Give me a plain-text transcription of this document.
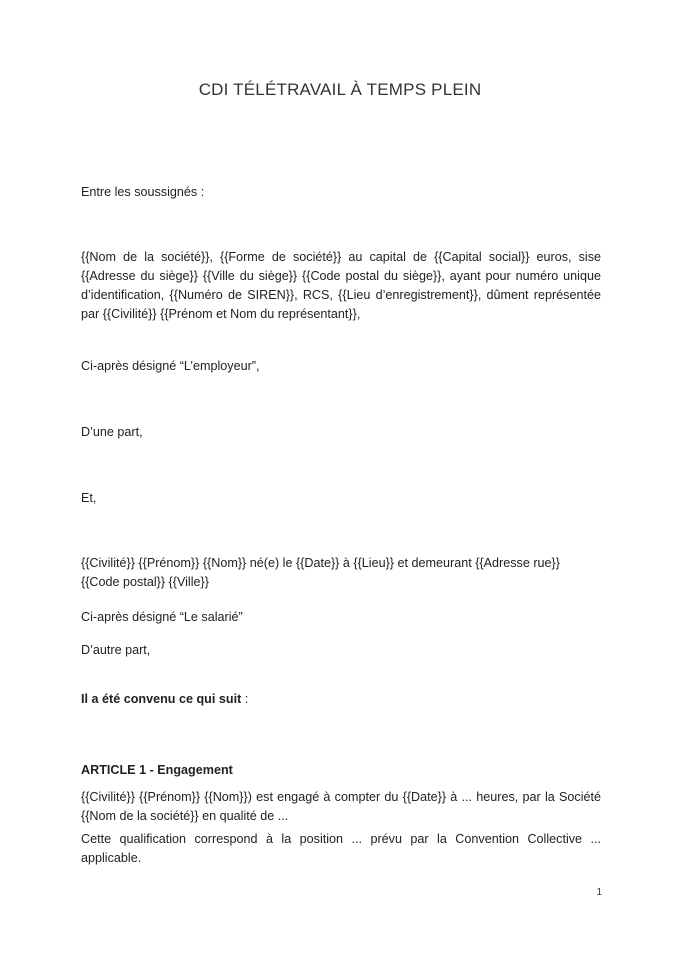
CDI TÉLÉTRAVAIL À TEMPS PLEIN
Entre les soussignés :
{{Nom de la société}}, {{Forme de société}} au capital de {{Capital social}} euros, sise {{Adresse du siège}} {{Ville du siège}} {{Code postal du siège}}, ayant pour numéro unique d’identification, {{Numéro de SIREN}}, RCS, {{Lieu d’enregistrement}}, dûment représentée par {{Civilité}} {{Prénom et Nom du représentant}},
Ci-après désigné “L’employeur”,
D’une part,
Et,
{{Civilité}} {{Prénom}} {{Nom}} né(e) le {{Date}} à {{Lieu}} et demeurant {{Adresse rue}} {{Code postal}} {{Ville}}
Ci-après désigné “Le salarié”
D’autre part,
Il a été convenu ce qui suit :
ARTICLE 1 - Engagement
{{Civilité}} {{Prénom}} {{Nom}}) est engagé à compter du {{Date}} à ... heures, par la Société {{Nom de la société}} en qualité de ...
Cette qualification correspond à la position ... prévu par la Convention Collective ... applicable.
1
